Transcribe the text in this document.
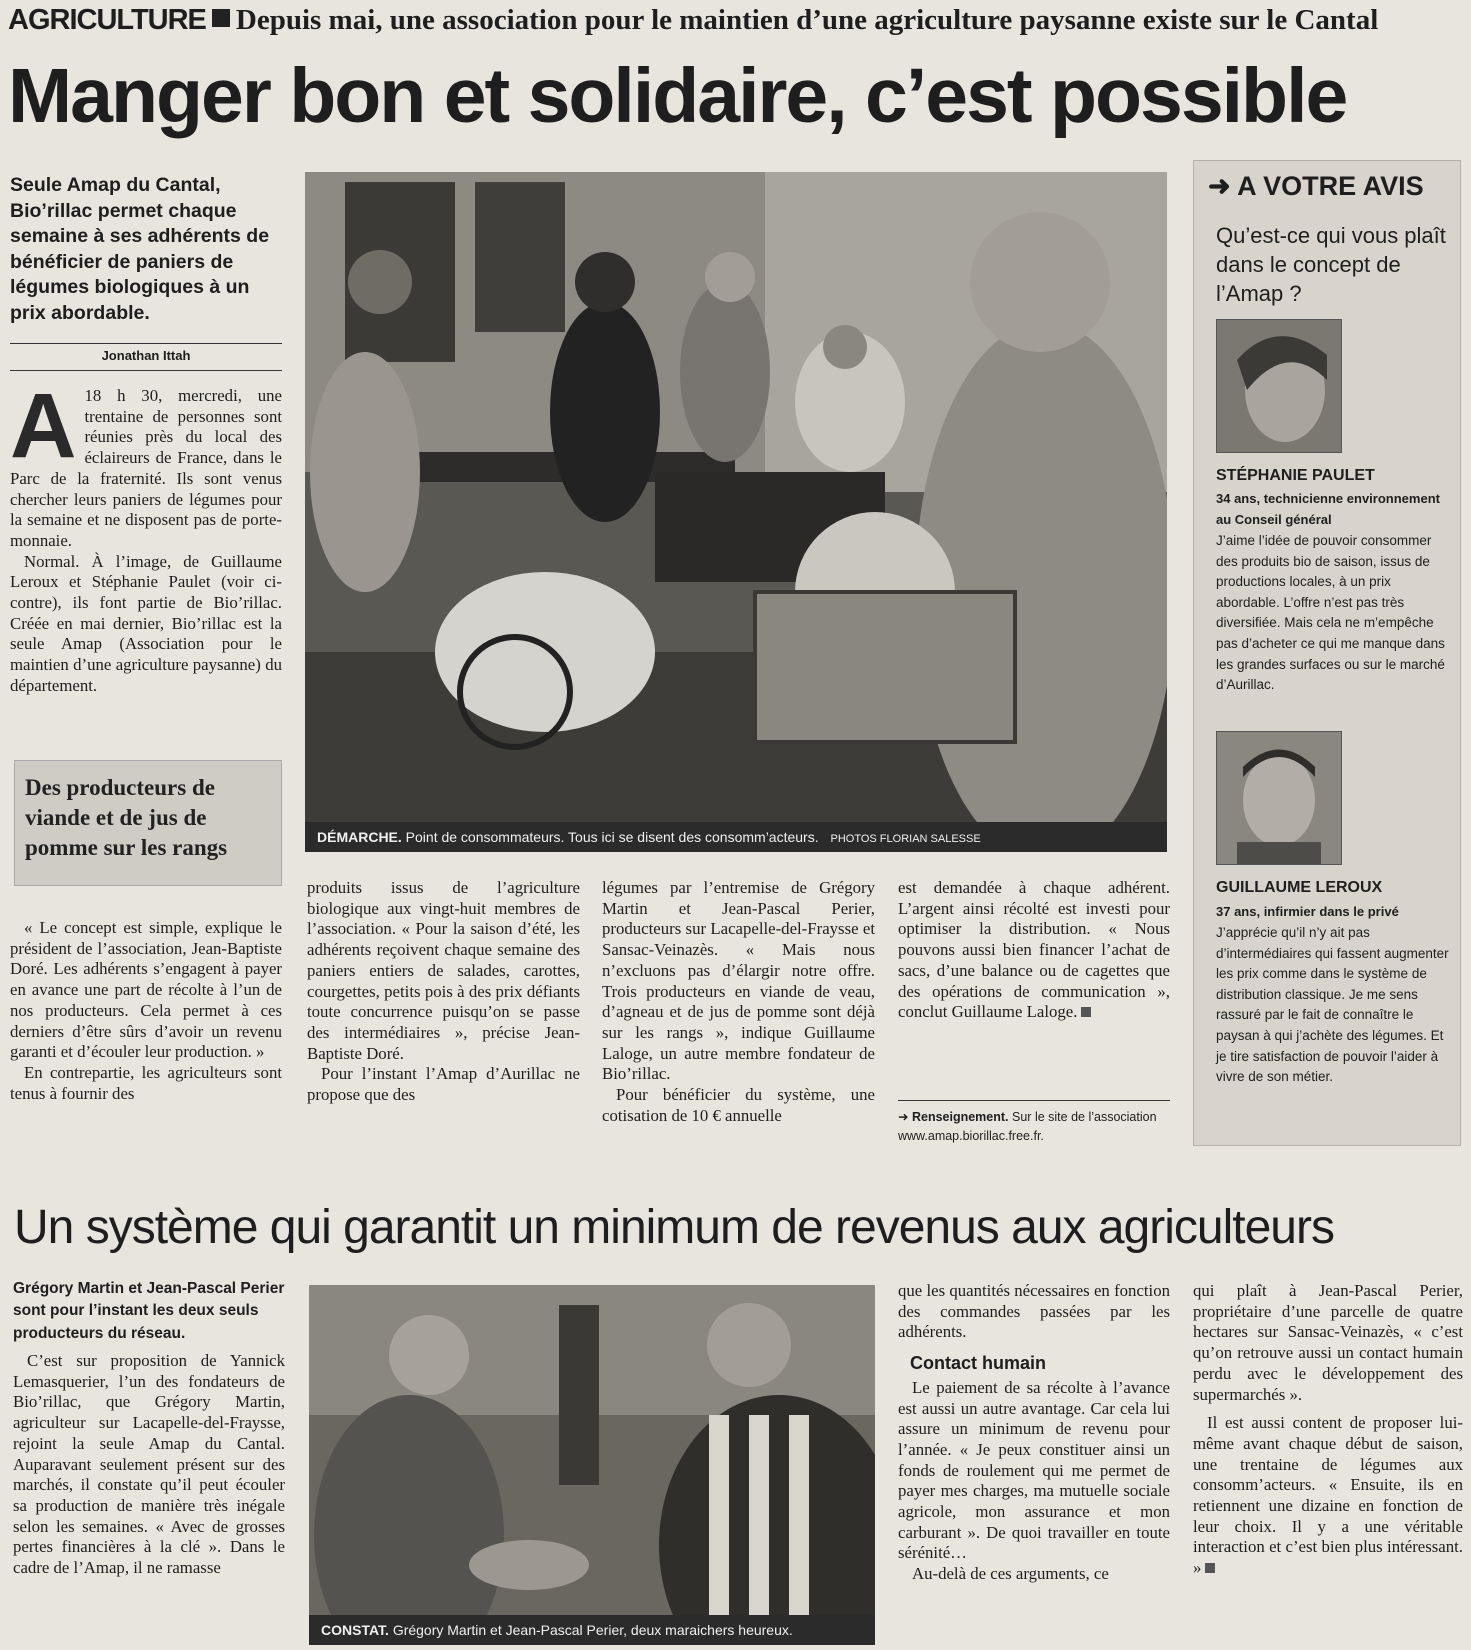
AGRICULTURE Depuis mai, une association pour le maintien d’une agriculture paysanne existe sur le Cantal
Manger bon et solidaire, c’est possible
Seule Amap du Cantal, Bio’rillac permet chaque semaine à ses adhérents de bénéficier de paniers de légumes biologiques à un prix abordable.
Jonathan Ittah
A 18 h 30, mercredi, une trentaine de personnes sont réunies près du local des éclaireurs de France, dans le Parc de la fraternité. Ils sont venus chercher leurs paniers de légumes pour la semaine et ne disposent pas de porte-monnaie.

Normal. À l’image, de Guillaume Leroux et Stéphanie Paulet (voir ci-contre), ils font partie de Bio’rillac. Créée en mai dernier, Bio’rillac est la seule Amap (Association pour le maintien d’une agriculture paysanne) du département.

Des producteurs de viande et de jus de pomme sur les rangs

« Le concept est simple, explique le président de l’association, Jean-Baptiste Doré. Les adhérents s’engagent à payer en avance une part de récolte à l’un de nos producteurs. Cela permet à ces derniers d’être sûrs d’avoir un revenu garanti et d’écouler leur production. »

En contrepartie, les agriculteurs sont tenus à fournir des

DÉMARCHE. Point de consommateurs. Tous ici se disent des consomm’acteurs. PHOTOS FLORIAN SALESSE

produits issus de l’agriculture biologique aux vingt-huit membres de l’association. « Pour la saison d’été, les adhérents reçoivent chaque semaine des paniers entiers de salades, carottes, courgettes, petits pois à des prix défiants toute concurrence puisqu’on se passe des intermédiaires », précise Jean-Baptiste Doré.

Pour l’instant l’Amap d’Aurillac ne propose que des

légumes par l’entremise de Grégory Martin et Jean-Pascal Perier, producteurs sur Lacapelle-del-Fraysse et Sansac-Veinazès. « Mais nous n’excluons pas d’élargir notre offre. Trois producteurs en viande de veau, d’agneau et de jus de pomme sont déjà sur les rangs », indique Guillaume Laloge, un autre membre fondateur de Bio’rillac.

Pour bénéficier du système, une cotisation de 10 € annuelle

est demandée à chaque adhérent. L’argent ainsi récolté est investi pour optimiser la distribution. « Nous pouvons aussi bien financer l’achat de sacs, d’une balance ou de cagettes que des opérations de communication », conclut Guillaume Laloge.

➜ Renseignement. Sur le site de l’association www.amap.biorillac.free.fr.
➜ A VOTRE AVIS
Qu’est-ce qui vous plaît dans le concept de l’Amap ?
STÉPHANIE PAULET
34 ans, technicienne environnement au Conseil général
J’aime l’idée de pouvoir consommer des produits bio de saison, issus de productions locales, à un prix abordable. L’offre n’est pas très diversifiée. Mais cela ne m’empêche pas d’acheter ce qui me manque dans les grandes surfaces ou sur le marché d’Aurillac.
GUILLAUME LEROUX
37 ans, infirmier dans le privé
J’apprécie qu’il n’y ait pas d’intermédiaires qui fassent augmenter les prix comme dans le système de distribution classique. Je me sens rassuré par le fait de connaître le paysan à qui j’achète des légumes. Et je tire satisfaction de pouvoir l’aider à vivre de son métier.
Un système qui garantit un minimum de revenus aux agriculteurs
Grégory Martin et Jean-Pascal Perier sont pour l’instant les deux seuls producteurs du réseau.

C’est sur proposition de Yannick Lemasquerier, l’un des fondateurs de Bio’rillac, que Grégory Martin, agriculteur sur Lacapelle-del-Fraysse, rejoint la seule Amap du Cantal. Auparavant seulement présent sur des marchés, il constate qu’il peut écouler sa production de manière très inégale selon les semaines. « Avec de grosses pertes financières à la clé ». Dans le cadre de l’Amap, il ne ramasse

CONSTAT. Grégory Martin et Jean-Pascal Perier, deux maraichers heureux.

que les quantités nécessaires en fonction des commandes passées par les adhérents.

Contact humain

Le paiement de sa récolte à l’avance est aussi un autre avantage. Car cela lui assure un minimum de revenu pour l’année. « Je peux constituer ainsi un fonds de roulement qui me permet de payer mes charges, ma mutuelle sociale agricole, mon assurance et mon carburant ». De quoi travailler en toute sérénité…

Au-delà de ces arguments, ce

qui plaît à Jean-Pascal Perier, propriétaire d’une parcelle de quatre hectares sur Sansac-Veinazès, « c’est qu’on retrouve aussi un contact humain perdu avec le développement des supermarchés ».

Il est aussi content de proposer lui-même avant chaque début de saison, une trentaine de légumes aux consomm’acteurs. « Ensuite, ils en retiennent une dizaine en fonction de leur choix. Il y a une véritable interaction et c’est bien plus intéressant. »
